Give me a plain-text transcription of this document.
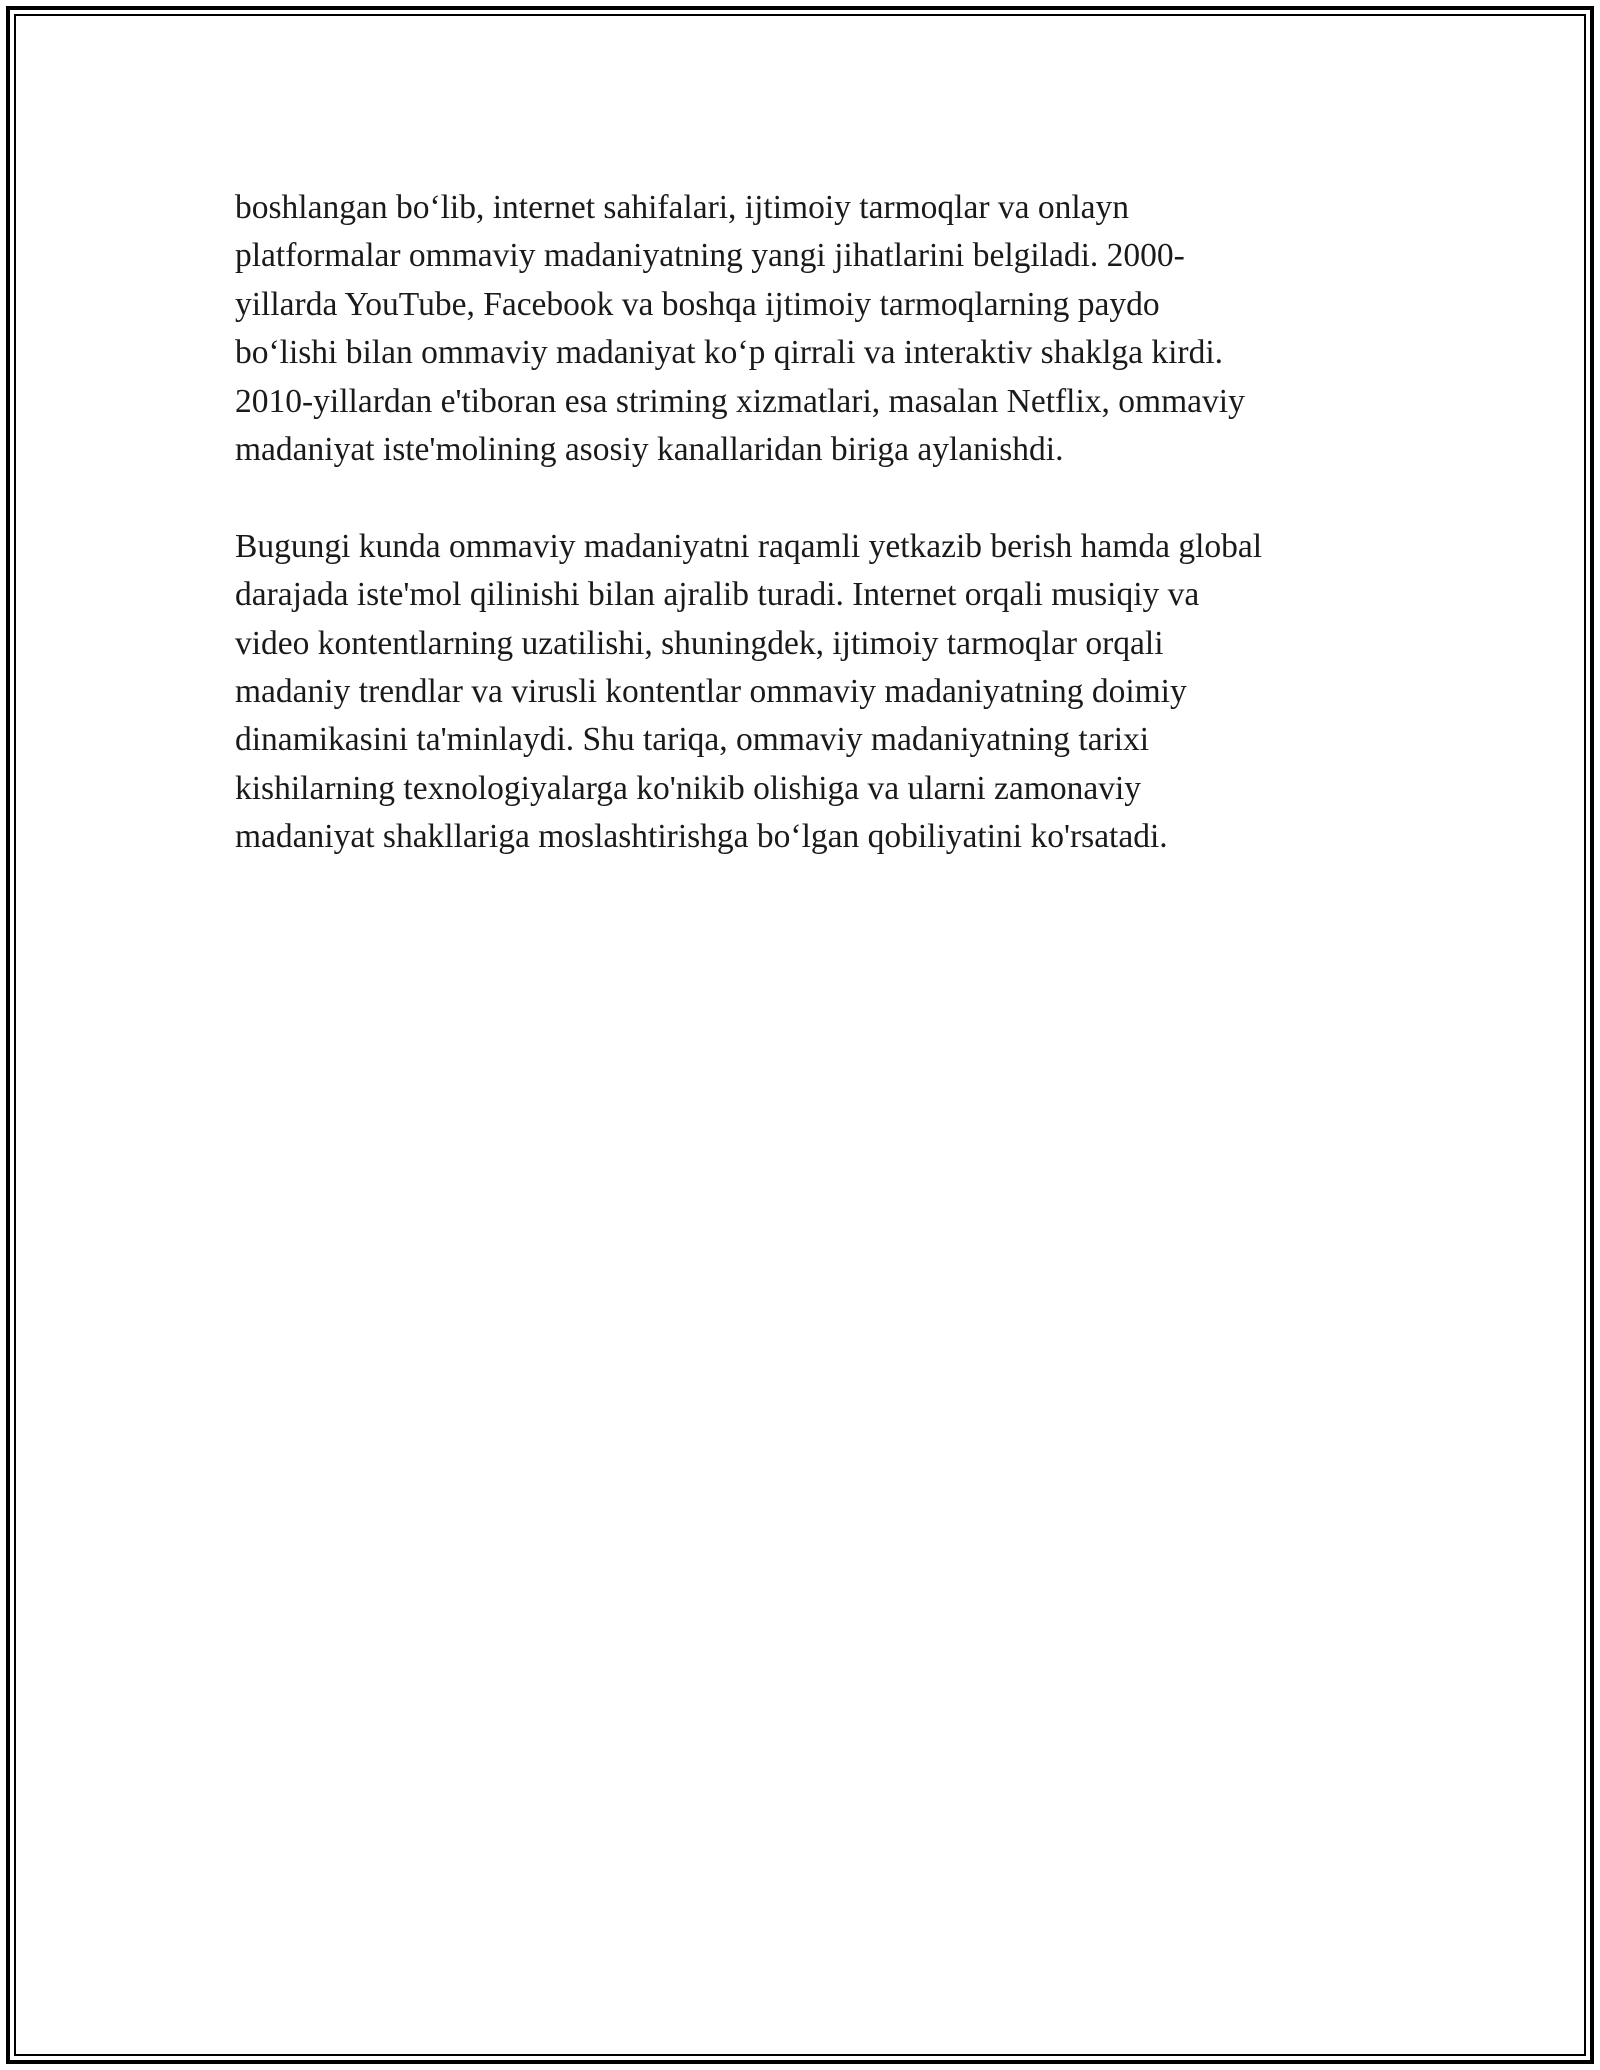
boshlangan bo‘lib, internet sahifalari, ijtimoiy tarmoqlar va onlayn
platformalar ommaviy madaniyatning yangi jihatlarini belgiladi. 2000-
yillarda YouTube, Facebook va boshqa ijtimoiy tarmoqlarning paydo
bo‘lishi bilan ommaviy madaniyat ko‘p qirrali va interaktiv shaklga kirdi.
2010-yillardan e'tiboran esa striming xizmatlari, masalan Netflix, ommaviy
madaniyat iste'molining asosiy kanallaridan biriga aylanishdi.
Bugungi kunda ommaviy madaniyatni raqamli yetkazib berish hamda global
darajada iste'mol qilinishi bilan ajralib turadi. Internet orqali musiqiy va
video kontentlarning uzatilishi, shuningdek, ijtimoiy tarmoqlar orqali
madaniy trendlar va virusli kontentlar ommaviy madaniyatning doimiy
dinamikasini ta'minlaydi. Shu tariqa, ommaviy madaniyatning tarixi
kishilarning texnologiyalarga ko'nikib olishiga va ularni zamonaviy
madaniyat shakllariga moslashtirishga bo‘lgan qobiliyatini ko'rsatadi.
